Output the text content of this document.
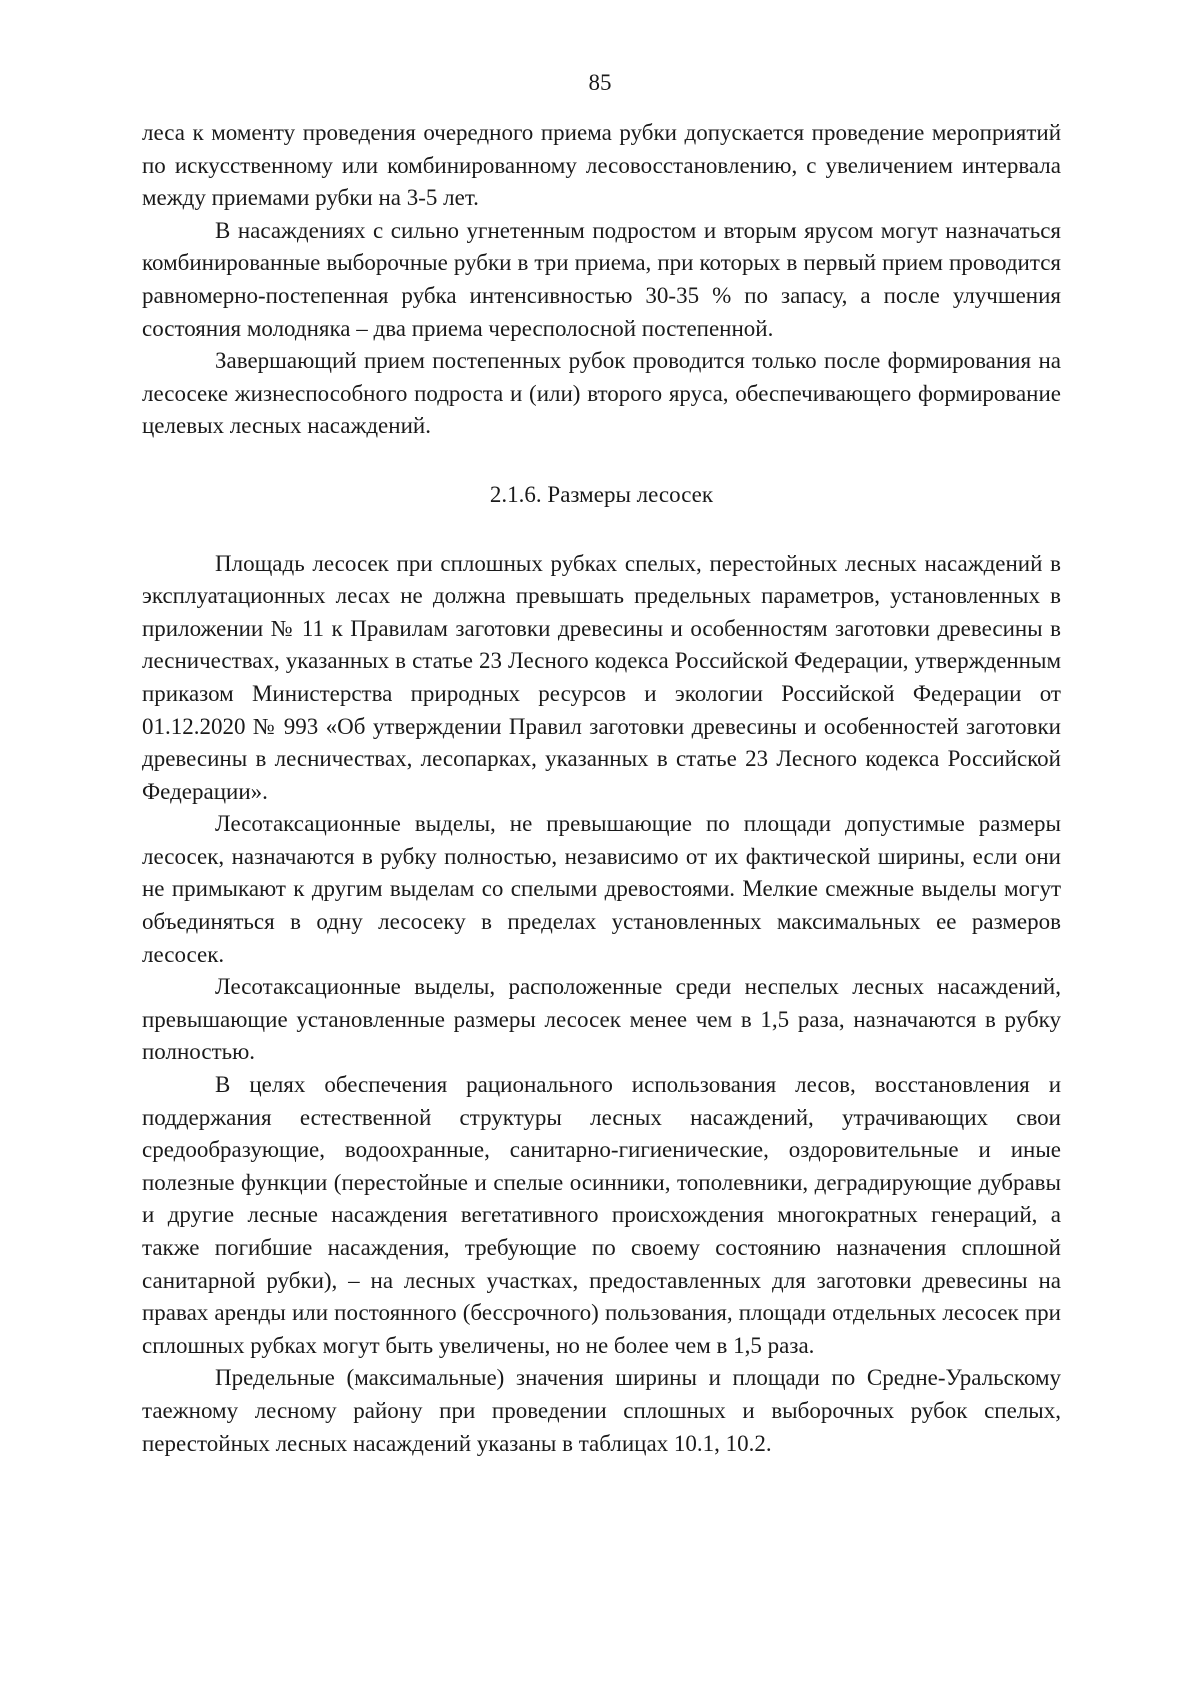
85

леса к моменту проведения очередного приема рубки допускается проведение мероприятий по искусственному или комбинированному лесовосстановлению, с увеличением интервала между приемами рубки на 3-5 лет.

В насаждениях с сильно угнетенным подростом и вторым ярусом могут назначаться комбинированные выборочные рубки в три приема, при которых в первый прием проводится равномерно-постепенная рубка интенсивностью 30-35 % по запасу, а после улучшения состояния молодняка – два приема чересполосной постепенной.

Завершающий прием постепенных рубок проводится только после формирования на лесосеке жизнеспособного подроста и (или) второго яруса, обеспечивающего формирование целевых лесных насаждений.

2.1.6. Размеры лесосек

Площадь лесосек при сплошных рубках спелых, перестойных лесных насаждений в эксплуатационных лесах не должна превышать предельных параметров, установленных в приложении № 11 к Правилам заготовки древесины и особенностям заготовки древесины в лесничествах, указанных в статье 23 Лесного кодекса Российской Федерации, утвержденным приказом Министерства природных ресурсов и экологии Российской Федерации от 01.12.2020 № 993 «Об утверждении Правил заготовки древесины и особенностей заготовки древесины в лесничествах, лесопарках, указанных в статье 23 Лесного кодекса Российской Федерации».

Лесотаксационные выделы, не превышающие по площади допустимые размеры лесосек, назначаются в рубку полностью, независимо от их фактической ширины, если они не примыкают к другим выделам со спелыми древостоями. Мелкие смежные выделы могут объединяться в одну лесосеку в пределах установленных максимальных ее размеров лесосек.

Лесотаксационные выделы, расположенные среди неспелых лесных насаждений, превышающие установленные размеры лесосек менее чем в 1,5 раза, назначаются в рубку полностью.

В целях обеспечения рационального использования лесов, восстановления и поддержания естественной структуры лесных насаждений, утрачивающих свои средообразующие, водоохранные, санитарно-гигиенические, оздоровительные и иные полезные функции (перестойные и спелые осинники, тополевники, деградирующие дубравы и другие лесные насаждения вегетативного происхождения многократных генераций, а также погибшие насаждения, требующие по своему состоянию назначения сплошной санитарной рубки), – на лесных участках, предоставленных для заготовки древесины на правах аренды или постоянного (бессрочного) пользования, площади отдельных лесосек при сплошных рубках могут быть увеличены, но не более чем в 1,5 раза.

Предельные (максимальные) значения ширины и площади по Средне-Уральскому таежному лесному району при проведении сплошных и выборочных рубок спелых, перестойных лесных насаждений указаны в таблицах 10.1, 10.2.
